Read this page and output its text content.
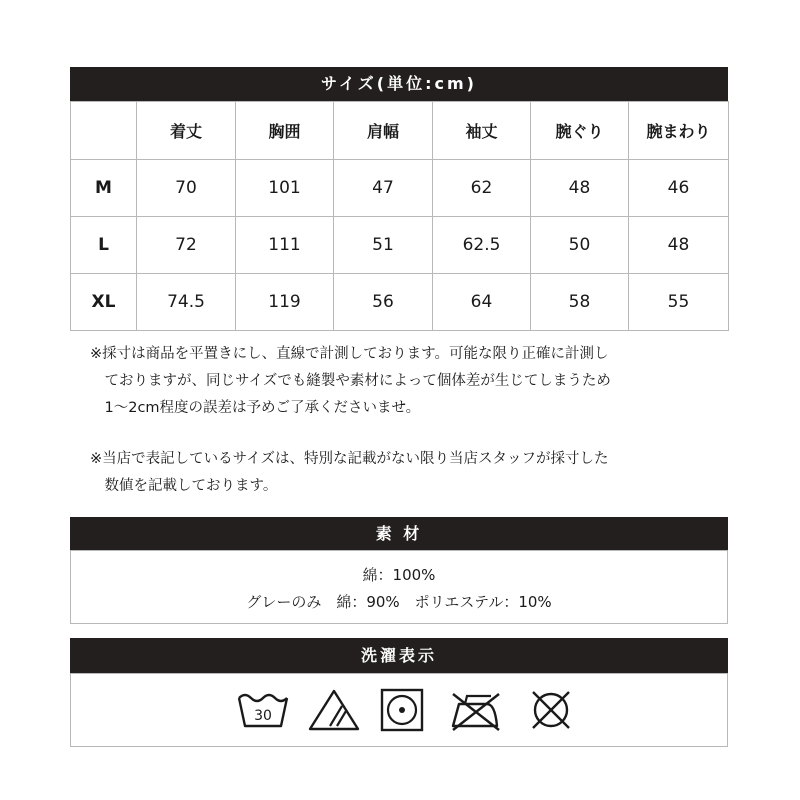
サイズ(単位:cm)
	着丈	胸囲	肩幅	袖丈	腕ぐり	腕まわり
M	70	101	47	62	48	46
L	72	111	51	62.5	50	48
XL	74.5	119	56	64	58	55
※採寸は商品を平置きにし、直線で計測しております。可能な限り正確に計測し
　ておりますが、同じサイズでも縫製や素材によって個体差が生じてしまうため
　1〜2cm程度の誤差は予めご了承くださいませ。
※当店で表記しているサイズは、特別な記載がない限り当店スタッフが採寸した
　数値を記載しております。
素 材
綿：100%
グレーのみ　綿：90%　ポリエステル：10%
洗濯表示
30
